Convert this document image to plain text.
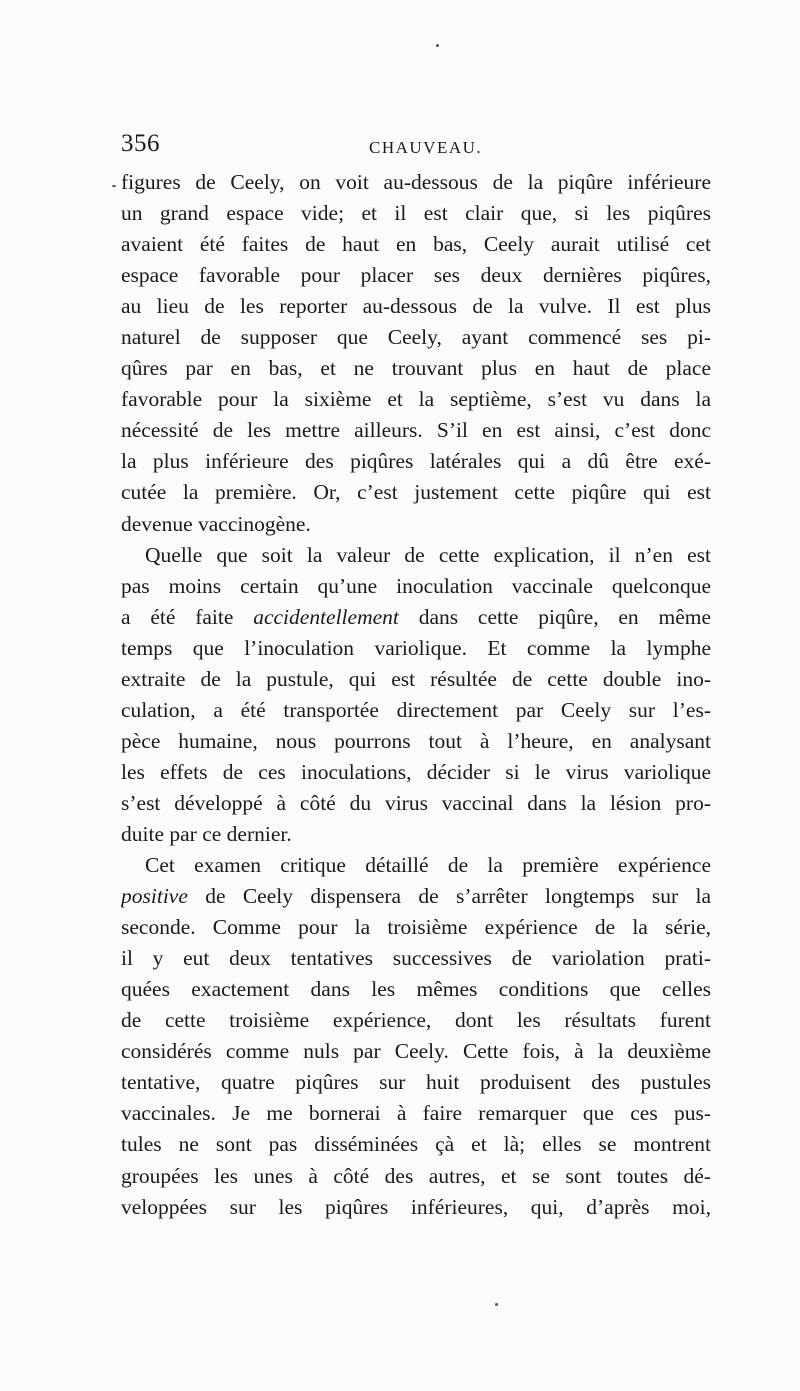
356	CHAUVEAU.
figures de Ceely, on voit au-dessous de la piqûre inférieure
un grand espace vide; et il est clair que, si les piqûres
avaient été faites de haut en bas, Ceely aurait utilisé cet
espace favorable pour placer ses deux dernières piqûres,
au lieu de les reporter au-dessous de la vulve. Il est plus
naturel de supposer que Ceely, ayant commencé ses pi-
qûres par en bas, et ne trouvant plus en haut de place
favorable pour la sixième et la septième, s’est vu dans la
nécessité de les mettre ailleurs. S’il en est ainsi, c’est donc
la plus inférieure des piqûres latérales qui a dû être exé-
cutée la première. Or, c’est justement cette piqûre qui est
devenue vaccinogène.
Quelle que soit la valeur de cette explication, il n’en est
pas moins certain qu’une inoculation vaccinale quelconque
a été faite accidentellement dans cette piqûre, en même
temps que l’inoculation variolique. Et comme la lymphe
extraite de la pustule, qui est résultée de cette double ino-
culation, a été transportée directement par Ceely sur l’es-
pèce humaine, nous pourrons tout à l’heure, en analysant
les effets de ces inoculations, décider si le virus variolique
s’est développé à côté du virus vaccinal dans la lésion pro-
duite par ce dernier.
Cet examen critique détaillé de la première expérience
positive de Ceely dispensera de s’arrêter longtemps sur la
seconde. Comme pour la troisième expérience de la série,
il y eut deux tentatives successives de variolation prati-
quées exactement dans les mêmes conditions que celles
de cette troisième expérience, dont les résultats furent
considérés comme nuls par Ceely. Cette fois, à la deuxième
tentative, quatre piqûres sur huit produisent des pustules
vaccinales. Je me bornerai à faire remarquer que ces pus-
tules ne sont pas disséminées çà et là; elles se montrent
groupées les unes à côté des autres, et se sont toutes dé-
veloppées sur les piqûres inférieures, qui, d’après moi,
